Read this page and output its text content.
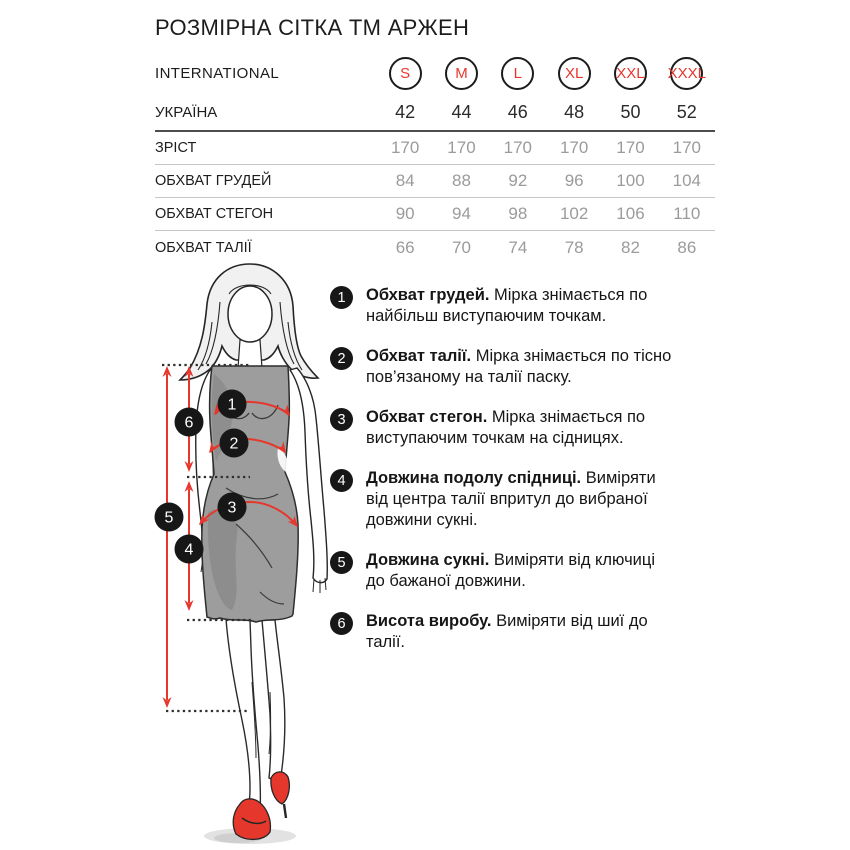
РОЗМІРНА СІТКА ТМ АРЖЕН
INTERNATIONAL	S	M	L	XL	XXL XXXL
УКРАЇНА	42	44	46	48	50	52
ЗРІСТ	170	170	170	170	170	170
ОБХВАТ ГРУДЕЙ	84	88	92	96	100	104
ОБХВАТ СТЕГОН	90	94	98	102	106	110
ОБХВАТ ТАЛІЇ	66	70	74	78	82	86
1	Обхват грудей. Мірка знімається по найбільш виступаючим точкам.
2	Обхват талії. Мірка знімається по тісно пов’язаному на талії паску.
3	Обхват стегон. Мірка знімається по виступаючим точкам на сідницях.
4	Довжина подолу спідниці. Виміряти від центра талії впритул до вибраної довжини сукні.
5	Довжина сукні. Виміряти від ключиці до бажаної довжини.
6	Висота виробу. Виміряти від шиї до талії.
1
2
3
4
5
6
